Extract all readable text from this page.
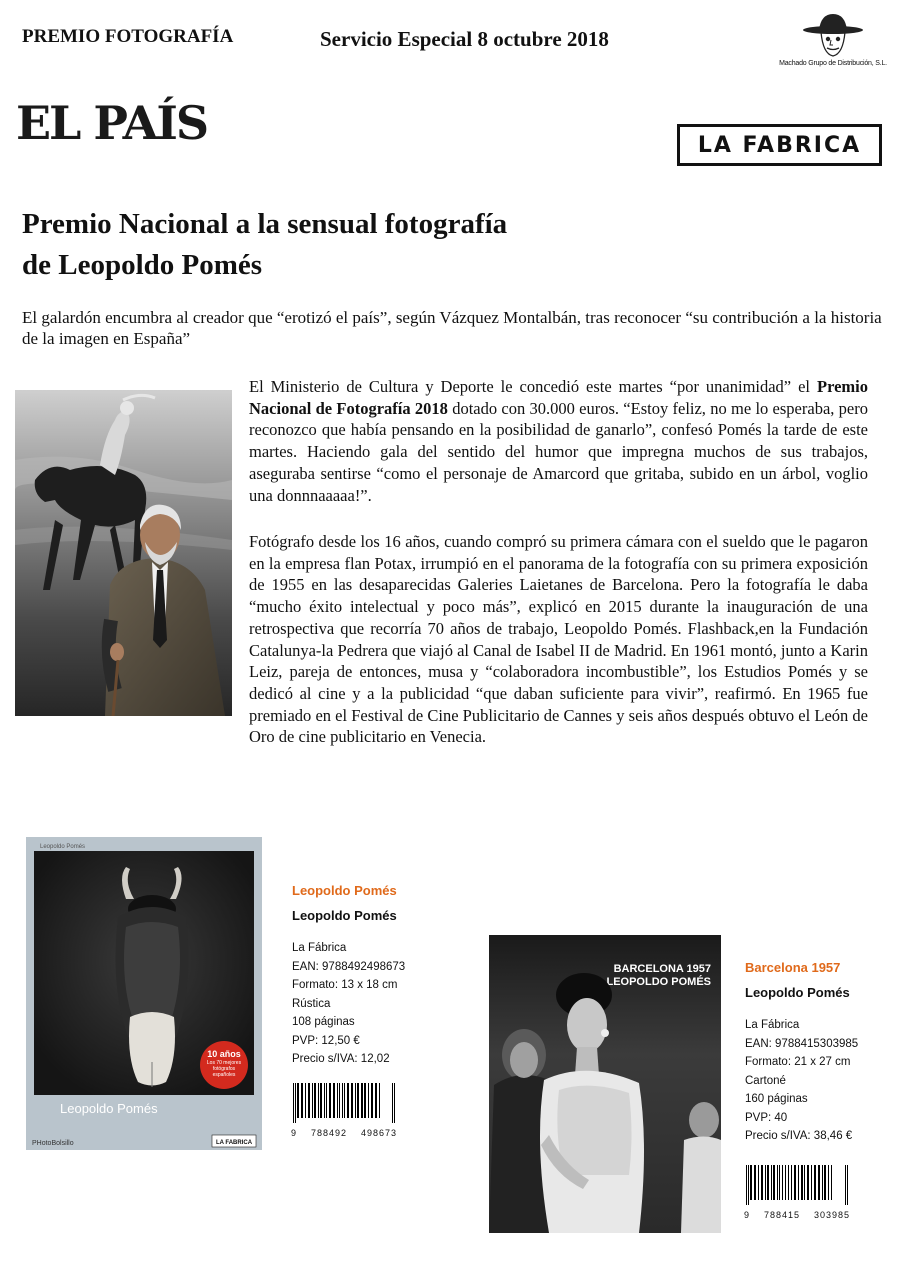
PREMIO FOTOGRAFÍA	Servicio Especial 8 octubre 2018
Machado Grupo de Distribución, S.L.
EL PAÍS	LA FABRICA
Premio Nacional a la sensual fotografía
de Leopoldo Pomés
El galardón encumbra al creador que “erotizó el país”, según Vázquez Montalbán, tras reconocer “su contribución a la historia de la imagen en España”
El Ministerio de Cultura y Deporte le concedió este martes “por unanimidad” el Premio Nacional de Fotografía 2018 dotado con 30.000 euros. “Estoy feliz, no me lo esperaba, pero reconozco que había pensando en la posibilidad de ganarlo”, confesó Pomés la tarde de este martes. Haciendo gala del sentido del humor que impregna muchos de sus trabajos, aseguraba sentirse “como el personaje de Amarcord que gritaba, subido en un árbol, voglio una donnnaaaaa!”.
Fotógrafo desde los 16 años, cuando compró su primera cámara con el sueldo que le pagaron en la empresa flan Potax, irrumpió en el panorama de la fotografía con su primera exposición de 1955 en las desaparecidas Galeries Laietanes de Barcelona. Pero la fotografía le daba “mucho éxito intelectual y poco más”, explicó en 2015 durante la inauguración de una retrospectiva que recorría 70 años de trabajo, Leopoldo Pomés. Flashback,en la Fundación Catalunya-la Pedrera que viajó al Canal de Isabel II de Madrid. En 1961 montó, junto a Karin Leiz, pareja de entonces, musa y “colaboradora incombustible”, los Estudios Pomés y se dedicó al cine y a la publicidad “que daban suficiente para vivir”, reafirmó. En 1965 fue premiado en el Festival de Cine Publicitario de Cannes y seis años después obtuvo el León de Oro de cine publicitario en Venecia.
Leopoldo Pomés
10 años
Los 70 mejores fotógrafos españoles
Leopoldo Pomés
PHotoBolsillo	LA FABRICA
Leopoldo Pomés
Leopoldo Pomés
La Fábrica
EAN: 9788492498673
Formato: 13 x 18 cm
Rústica
108 páginas
PVP: 12,50 €
Precio s/IVA: 12,02
9 788492 498673
BARCELONA 1957
LEOPOLDO POMÉS
Barcelona 1957
Leopoldo Pomés
La Fábrica
EAN: 9788415303985
Formato: 21 x 27 cm
Cartoné
160 páginas
PVP: 40
Precio s/IVA: 38,46 €
9 788415 303985
